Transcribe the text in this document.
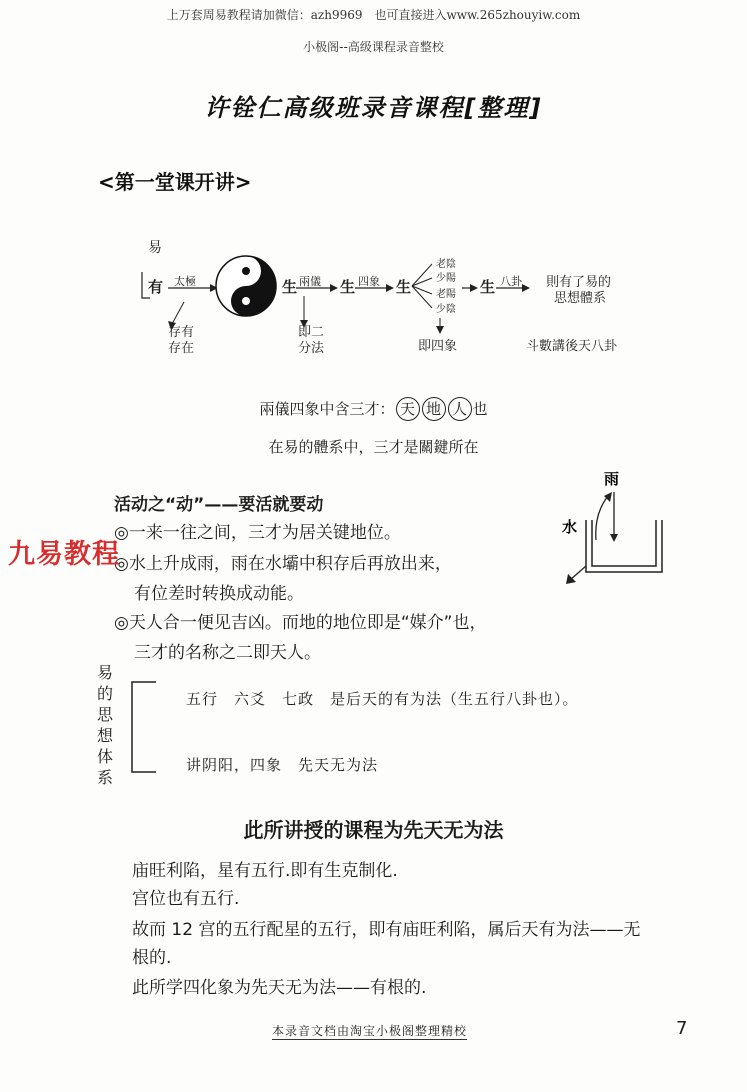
上万套周易教程请加微信：azh9969　也可直接进入www.265zhouyiw.com
小极阁--高级课程录音整校
许铨仁高级班录音课程[整理]
<第一堂课开讲>
易
有 太極	生 兩儀 生 四象 生
老陰
少陽
老陽
少陰
生 八卦 則有了易的
思想體系
存有
存在
即二
分法	即四象	斗數講後天八卦
兩儀四象中含三才： 天 地 人 也
在易的體系中，三才是關鍵所在
活动之“动”——要活就要动
◎一来一往之间，三才为居关键地位。
◎水上升成雨，雨在水壩中积存后再放出来，
有位差时转换成动能。
◎天人合一便见吉凶。而地的地位即是“媒介”也，
三才的名称之二即天人。
九易教程
雨
水
易
的
思
想
体
系
五行　六爻　七政　是后天的有为法（生五行八卦也）。
讲阴阳，四象　先天无为法
此所讲授的课程为先天无为法
庙旺利陷，星有五行.即有生克制化.
宫位也有五行.
故而 12 宫的五行配星的五行，即有庙旺利陷，属后天有为法——无
根的.
此所学四化象为先天无为法——有根的.
本录音文档由淘宝小极阁整理精校	7
